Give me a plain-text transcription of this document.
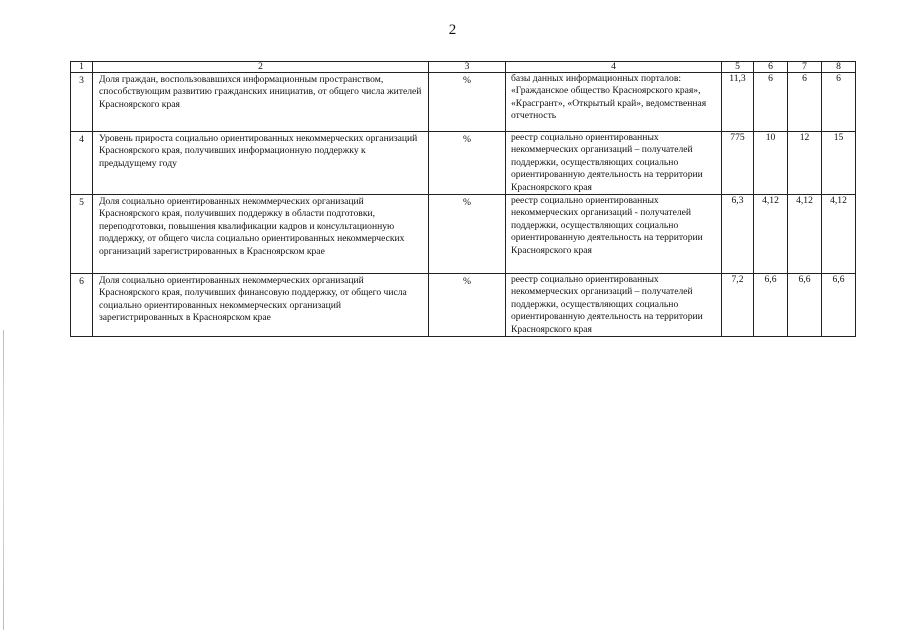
2
1	2	3	4	5	6	7	8
3	Доля граждан, воспользовавшихся информационным пространством, способствующим развитию гражданских инициатив, от общего числа жителей Красноярского края	%	базы данных информационных порталов: «Гражданское общество Красноярского края», «Красгрант», «Открытый край», ведомственная отчетность	11,3	6	6	6
4	Уровень прироста социально ориентированных некоммерческих организаций Красноярского края, получивших информационную поддержку к предыдущему году	%	реестр социально ориентированных некоммерческих организаций – получателей поддержки, осуществляющих социально ориентированную деятельность на территории Красноярского края	775	10	12	15
5	Доля социально ориентированных некоммерческих организаций Красноярского края, получивших поддержку в области подготовки, переподготовки, повышения квалификации кадров и консультационную поддержку, от общего числа социально ориентированных некоммерческих организаций зарегистрированных в Красноярском крае	%	реестр социально ориентированных некоммерческих организаций - получателей поддержки, осуществляющих социально ориентированную деятельность на территории Красноярского края	6,3	4,12	4,12	4,12
6	Доля социально ориентированных некоммерческих организаций Красноярского края, получивших финансовую поддержку, от общего числа социально ориентированных некоммерческих организаций зарегистрированных в Красноярском крае	%	реестр социально ориентированных некоммерческих организаций – получателей поддержки, осуществляющих социально ориентированную деятельность на территории Красноярского края	7,2	6,6	6,6	6,6
